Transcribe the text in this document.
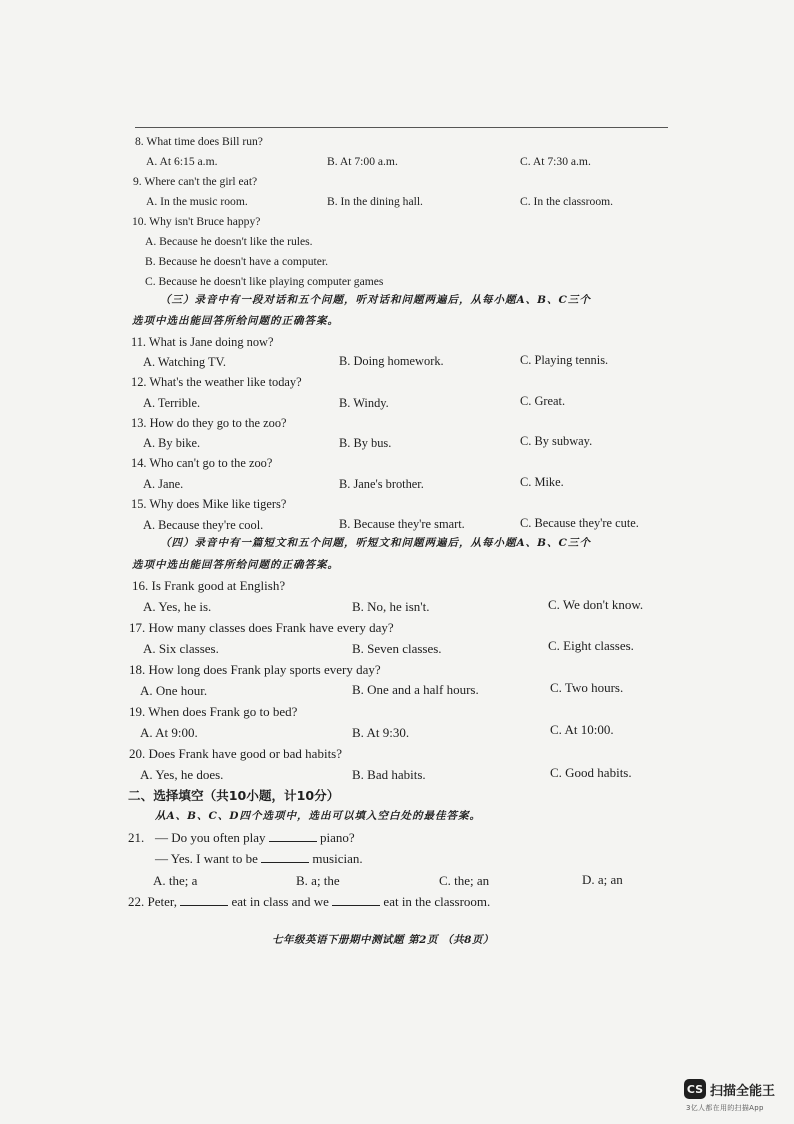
8. What time does Bill run?
A. At 6:15 a.m.	B. At 7:00 a.m.	C. At 7:30 a.m.
9. Where can't the girl eat?
A. In the music room.	B. In the dining hall.	C. In the classroom.
10. Why isn't Bruce happy?
A. Because he doesn't like the rules.
B. Because he doesn't have a computer.
C. Because he doesn't like playing computer games
（三）录音中有一段对话和五个问题，听对话和问题两遍后，从每小题A、B、C三个
选项中选出能回答所给问题的正确答案。
11. What is Jane doing now?
A. Watching TV.	B. Doing homework.	C. Playing tennis.
12. What's the weather like today?
A. Terrible.	B. Windy.	C. Great.
13. How do they go to the zoo?
A. By bike.	B. By bus.	C. By subway.
14. Who can't go to the zoo?
A. Jane.	B. Jane's brother.	C. Mike.
15. Why does Mike like tigers?
A. Because they're cool.	B. Because they're smart.	C. Because they're cute.
（四）录音中有一篇短文和五个问题，听短文和问题两遍后，从每小题A、B、C三个
选项中选出能回答所给问题的正确答案。
16. Is Frank good at English?
A. Yes, he is.	B. No, he isn't.	C. We don't know.
17. How many classes does Frank have every day?
A. Six classes.	B. Seven classes.	C. Eight classes.
18. How long does Frank play sports every day?
A. One hour.	B. One and a half hours.	C. Two hours.
19. When does Frank go to bed?
A. At 9:00.	B. At 9:30.	C. At 10:00.
20. Does Frank have good or bad habits?
A. Yes, he does.	B. Bad habits.	C. Good habits.
二、选择填空（共10小题，计10分）
从A、B、C、D四个选项中，选出可以填入空白处的最佳答案。
21. — Do you often play	piano?
— Yes. I want to be	musician.
A. the; a	B. a; the	C. the; an	D. a; an
22. Peter,	eat in class and we	eat in the classroom.
七年级英语下册期中测试题 第2页 （共8页）
CS 扫描全能王
3亿人都在用的扫描App
